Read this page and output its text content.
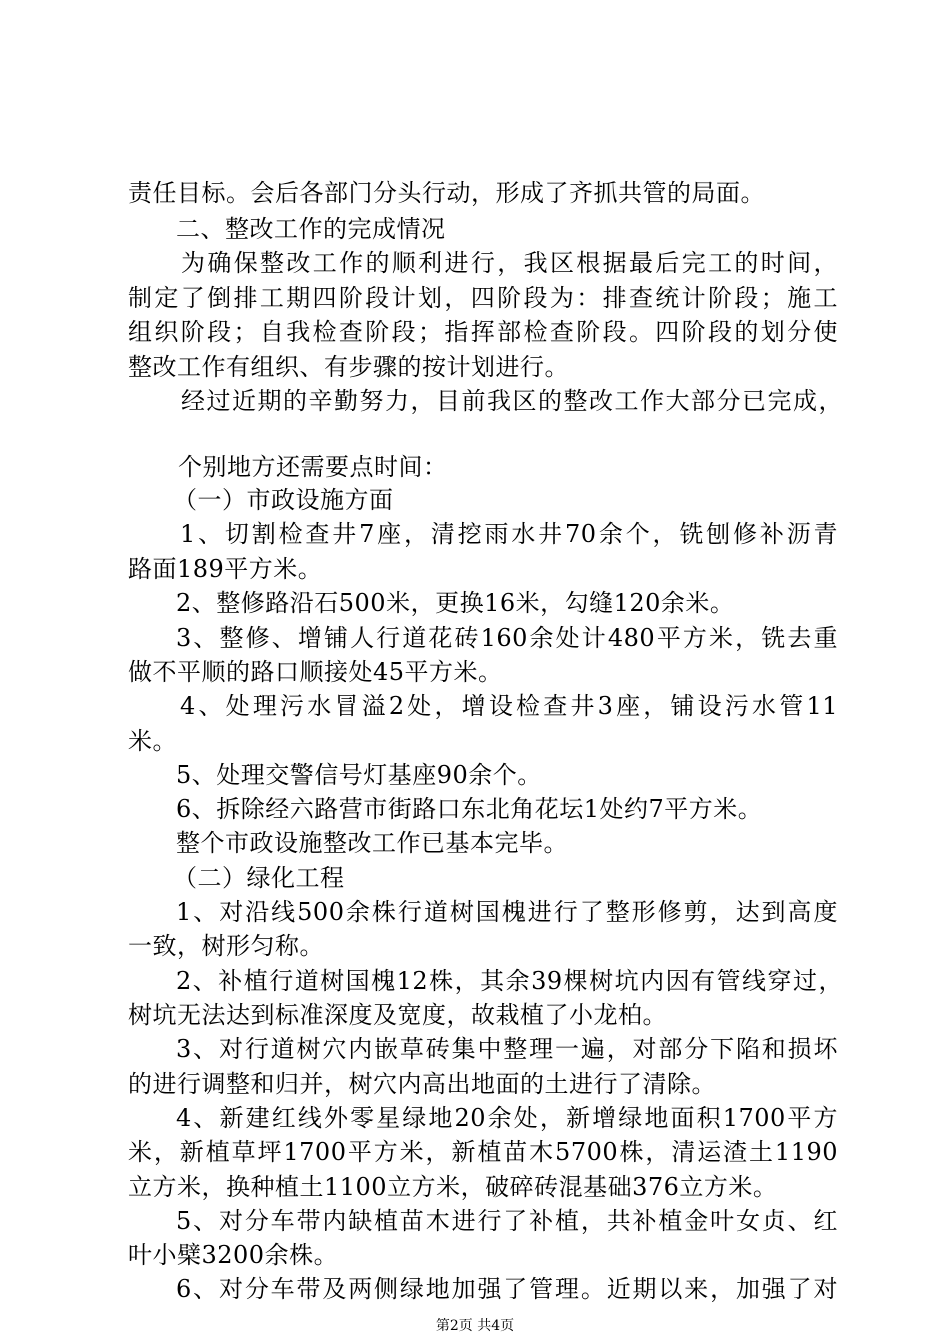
责任目标。会后各部门分头行动，形成了齐抓共管的局面。
二、整改工作的完成情况
为确保整改工作的顺利进行，我区根据最后完工的时间，
制定了倒排工期四阶段计划，四阶段为：排查统计阶段；施工
组织阶段；自我检查阶段；指挥部检查阶段。四阶段的划分使
整改工作有组织、有步骤的按计划进行。
经过近期的辛勤努力，目前我区的整改工作大部分已完成，
个别地方还需要点时间：
（一）市政设施方面
1、切割检查井7座，清挖雨水井70余个，铣刨修补沥青
路面189平方米。
2、整修路沿石500米，更换16米，勾缝120余米。
3、整修、增铺人行道花砖160余处计480平方米，铣去重
做不平顺的路口顺接处45平方米。
4、处理污水冒溢2处，增设检查井3座，铺设污水管11
米。
5、处理交警信号灯基座90余个。
6、拆除经六路营市街路口东北角花坛1处约7平方米。
整个市政设施整改工作已基本完毕。
（二）绿化工程
1、对沿线500余株行道树国槐进行了整形修剪，达到高度
一致，树形匀称。
2、补植行道树国槐12株，其余39棵树坑内因有管线穿过，
树坑无法达到标准深度及宽度，故栽植了小龙柏。
3、对行道树穴内嵌草砖集中整理一遍，对部分下陷和损坏
的进行调整和归并，树穴内高出地面的土进行了清除。
4、新建红线外零星绿地20余处，新增绿地面积1700平方
米，新植草坪1700平方米，新植苗木5700株，清运渣土1190
立方米，换种植土1100立方米，破碎砖混基础376立方米。
5、对分车带内缺植苗木进行了补植，共补植金叶女贞、红
叶小檗3200余株。
6、对分车带及两侧绿地加强了管理。近期以来，加强了对
第2页 共4页
